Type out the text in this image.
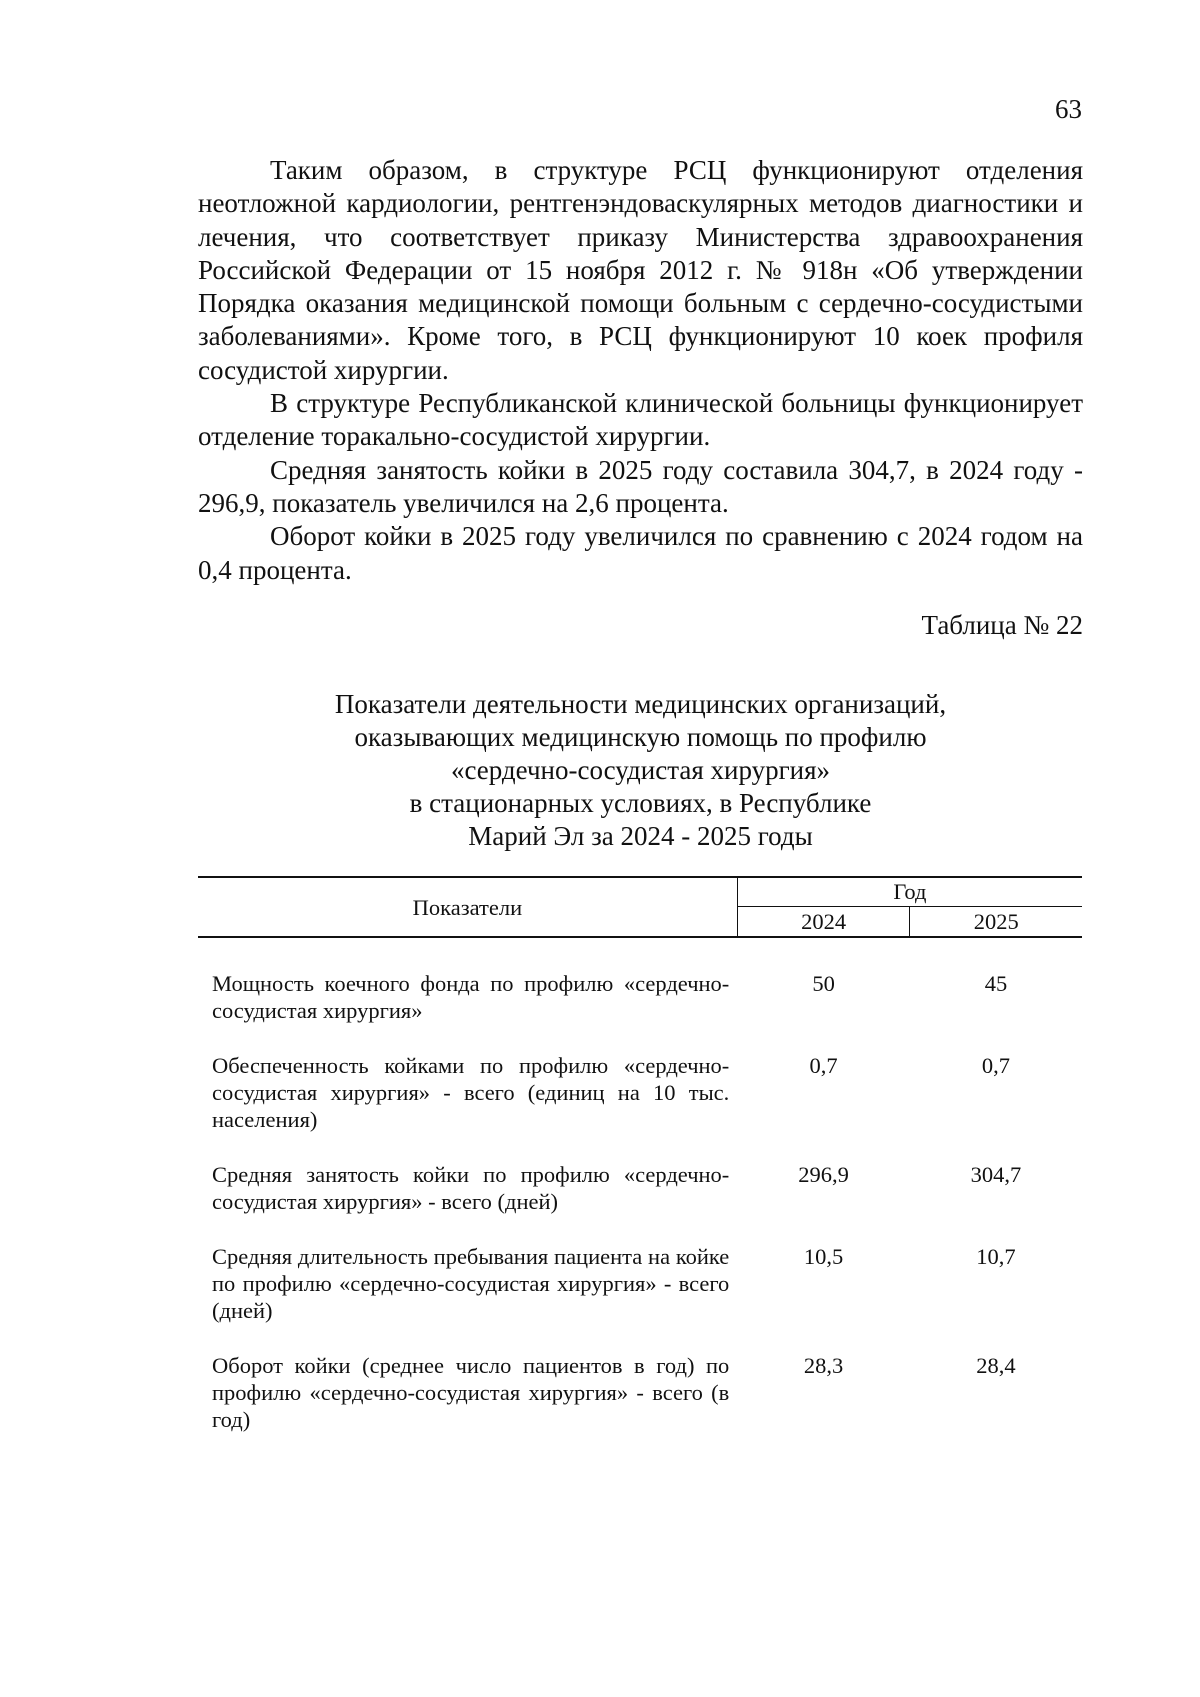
63

Таким образом, в структуре РСЦ функционируют отделения неотложной кардиологии, рентгенэндоваскулярных методов диагностики и лечения, что соответствует приказу Министерства здравоохранения Российской Федерации от 15 ноября 2012 г. № 918н «Об утверждении Порядка оказания медицинской помощи больным с сердечно-сосудистыми заболеваниями». Кроме того, в РСЦ функционируют 10 коек профиля сосудистой хирургии.

В структуре Республиканской клинической больницы функционирует отделение торакально-сосудистой хирургии.

Средняя занятость койки в 2025 году составила 304,7, в 2024 году - 296,9, показатель увеличился на 2,6 процента.

Оборот койки в 2025 году увеличился по сравнению с 2024 годом на 0,4 процента.

Таблица № 22
Показатели деятельности медицинских организаций,
оказывающих медицинскую помощь по профилю
«сердечно-сосудистая хирургия»
в стационарных условиях, в Республике
Марий Эл за 2024 - 2025 годы
Показатели	Год	
	2024	2025

Мощность коечного фонда по профилю «сердечно-сосудистая хирургия»	50	45

Обеспеченность койками по профилю «сердечно-сосудистая хирургия» - всего (единиц на 10 тыс. населения)	0,7	0,7

Средняя занятость койки по профилю «сердечно-сосудистая хирургия» - всего (дней)	296,9	304,7

Средняя длительность пребывания пациента на койке по профилю «сердечно-сосудистая хирургия» - всего (дней)	10,5	10,7

Оборот койки (среднее число пациентов в год) по профилю «сердечно-сосудистая хирургия» - всего (в год)	28,3	28,4
